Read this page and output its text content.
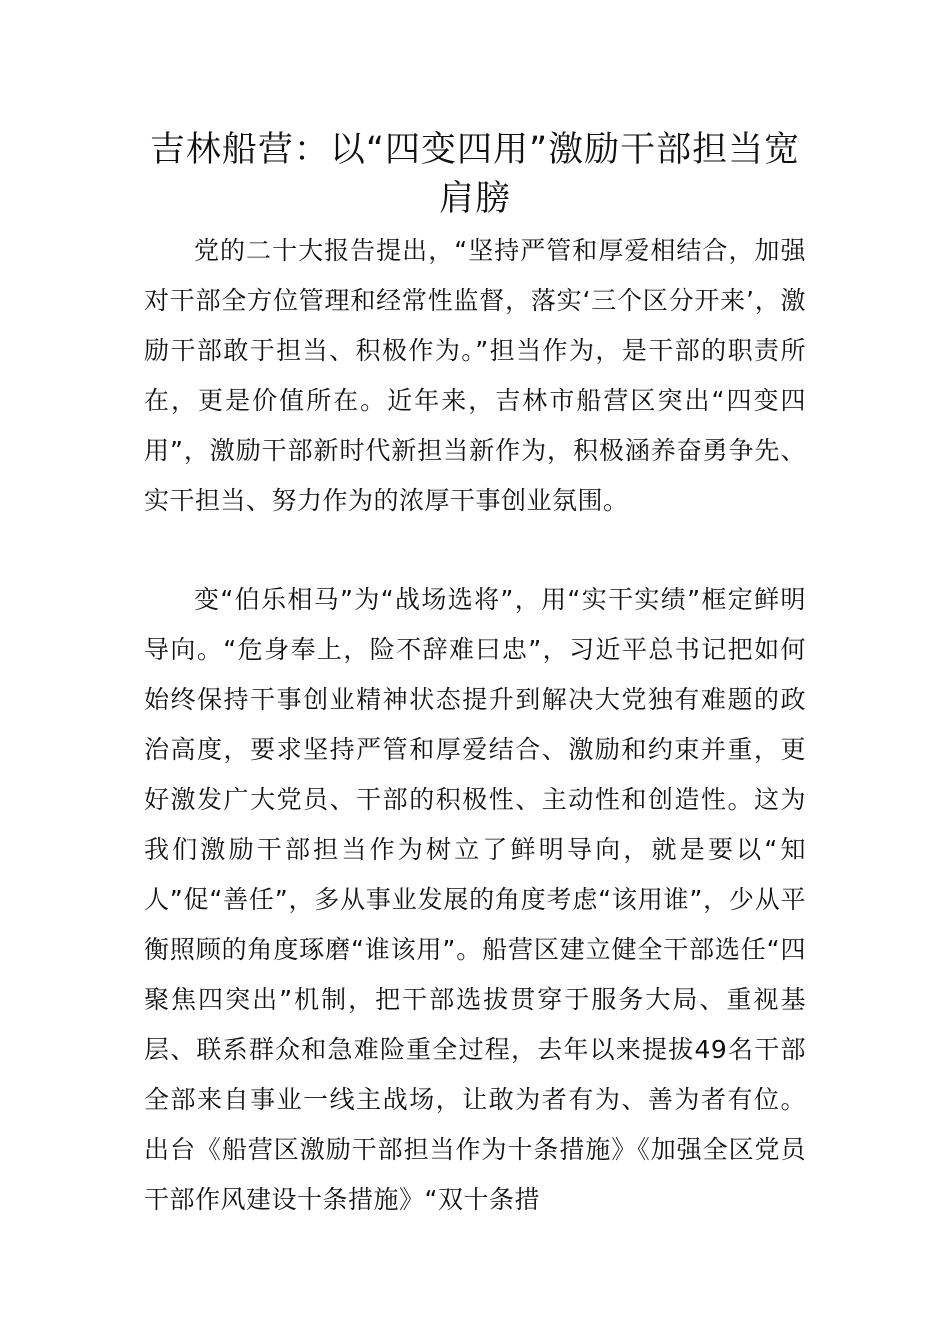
吉林船营：以“四变四用”激励干部担当宽肩膀

党的二十大报告提出，“坚持严管和厚爱相结合，加强对干部全方位管理和经常性监督，落实‘三个区分开来’，激励干部敢于担当、积极作为。”担当作为，是干部的职责所在，更是价值所在。近年来，吉林市船营区突出“四变四用”，激励干部新时代新担当新作为，积极涵养奋勇争先、实干担当、努力作为的浓厚干事创业氛围。

变“伯乐相马”为“战场选将”，用“实干实绩”框定鲜明导向。“危身奉上，险不辞难曰忠”，习近平总书记把如何始终保持干事创业精神状态提升到解决大党独有难题的政治高度，要求坚持严管和厚爱结合、激励和约束并重，更好激发广大党员、干部的积极性、主动性和创造性。这为我们激励干部担当作为树立了鲜明导向，就是要以“知人”促“善任”，多从事业发展的角度考虑“该用谁”，少从平衡照顾的角度琢磨“谁该用”。船营区建立健全干部选任“四聚焦四突出”机制，把干部选拔贯穿于服务大局、重视基层、联系群众和急难险重全过程，去年以来提拔49名干部全部来自事业一线主战场，让敢为者有为、善为者有位。出台《船营区激励干部担当作为十条措施》《加强全区党员干部作风建设十条措施》“双十条措
